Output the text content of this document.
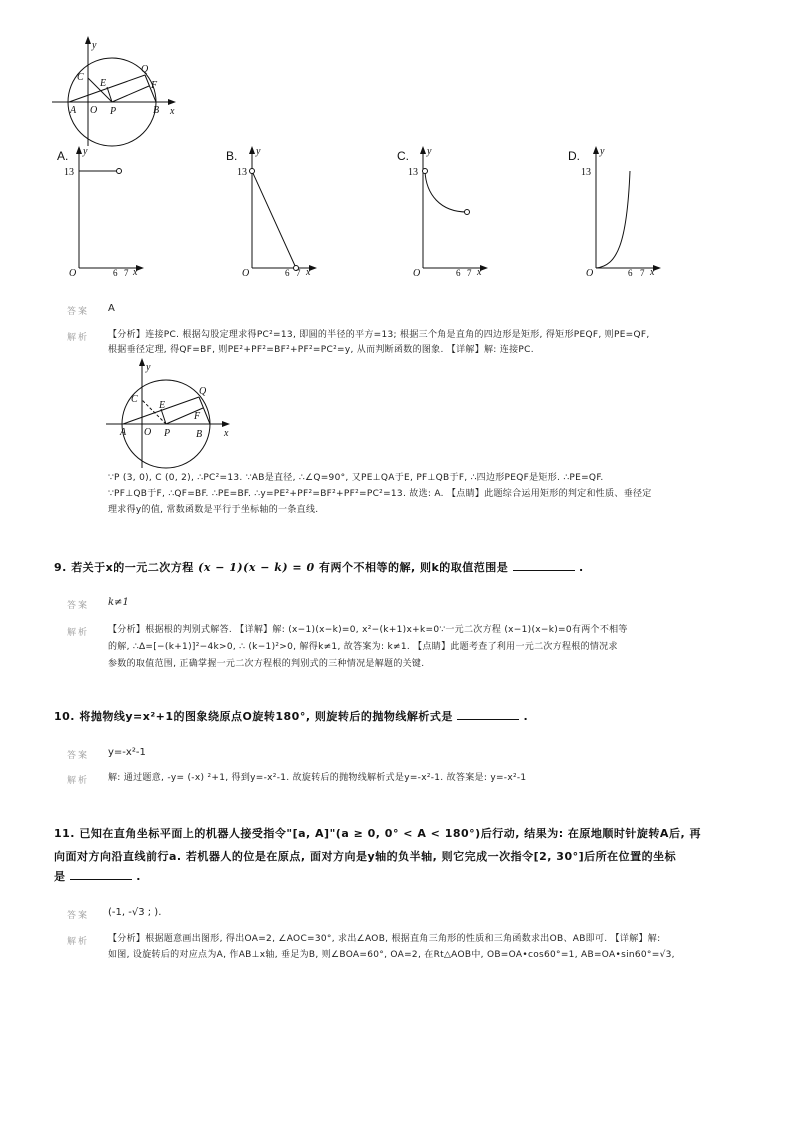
y
x
C
Q
F
E
A O P	B
A. y
13
O	6 7 x
B. y
13
O	6 7 x
C. y
13
O	6 7 x
D. y
13
O	6 7 x
答案 A
解析 【分析】连接PC. 根据勾股定理求得PC²=13, 即圆的半径的平方=13; 根据三个角是直角的四边形是矩形, 得矩形PEQF, 则PE=QF,
根据垂径定理, 得QF=BF, 则PE²+PF²=BF²+PF²=PC²=y, 从而判断函数的图象. 【详解】解: 连接PC.
y
x
C
Q
F
E
A O P	B
∵P (3, 0), C (0, 2), ∴PC²=13. ∵AB是直径, ∴∠Q=90°, 又PE⊥QA于E, PF⊥QB于F, ∴四边形PEQF是矩形. ∴PE=QF.
∵PF⊥QB于F, ∴QF=BF. ∴PE=BF. ∴y=PE²+PF²=BF²+PF²=PC²=13. 故选: A. 【点睛】此题综合运用矩形的判定和性质、垂径定
理求得y的值, 常数函数是平行于坐标轴的一条直线.
9. 若关于x的一元二次方程 (x − 1)(x − k) = 0 有两个不相等的解, 则k的取值范围是	.
答案 k≠1
解析 【分析】根据根的判别式解答. 【详解】解: (x−1)(x−k)=0, x²−(k+1)x+k=0∵一元二次方程 (x−1)(x−k)=0有两个不相等
的解, ∴Δ=[−(k+1)]²−4k>0, ∴ (k−1)²>0, 解得k≠1, 故答案为: k≠1. 【点睛】此题考查了利用一元二次方程根的情况求
参数的取值范围, 正确掌握一元二次方程根的判别式的三种情况是解题的关键.
10. 将抛物线y=x²+1的图象绕原点O旋转180°, 则旋转后的抛物线解析式是	.
答案 y=-x²-1
解析 解: 通过题意, -y= (-x) ²+1, 得到y=-x²-1. 故旋转后的抛物线解析式是y=-x²-1. 故答案是: y=-x²-1
11. 已知在直角坐标平面上的机器人接受指令"[a, A]"(a ≥ 0, 0° < A < 180°)后行动, 结果为: 在原地顺时针旋转A后, 再
向面对方向沿直线前行a. 若机器人的位是在原点, 面对方向是y轴的负半轴, 则它完成一次指令[2, 30°]后所在位置的坐标
是	.
答案 (-1, -√3 ; ).
解析 【分析】根据题意画出图形, 得出OA=2, ∠AOC=30°, 求出∠AOB, 根据直角三角形的性质和三角函数求出OB、AB即可. 【详解】解:
如图, 设旋转后的对应点为A, 作AB⊥x轴, 垂足为B, 则∠BOA=60°, OA=2, 在Rt△AOB中, OB=OA•cos60°=1, AB=OA•sin60°=√3,
